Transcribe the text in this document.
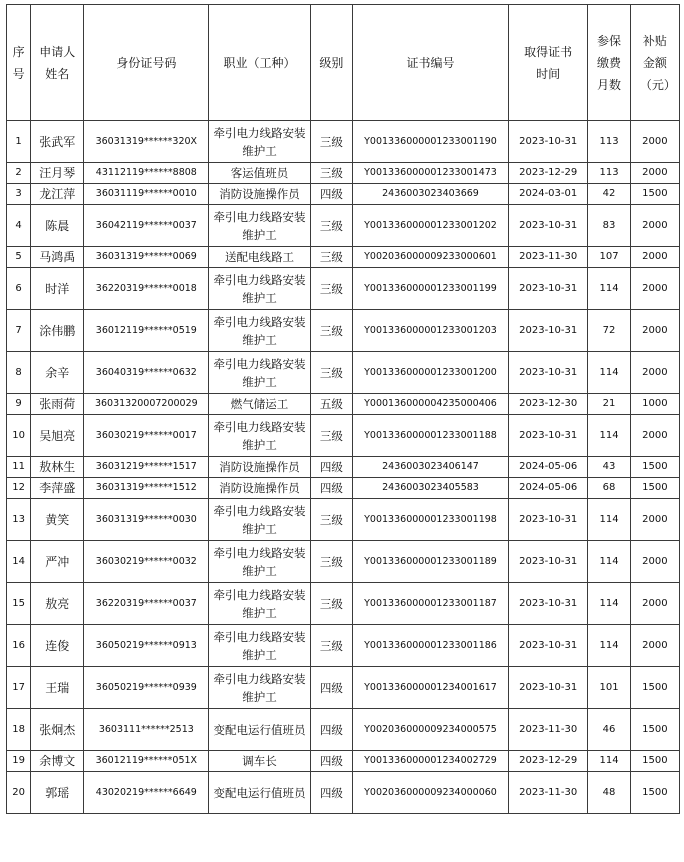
序号	申请人姓名	身份证号码	职业（工种）	级别	证书编号	取得证书时间	参保缴费月数	补贴金额（元）
1	张武军	36031319******320X	牵引电力线路安装维护工	三级	Y00133600000123300119​0	2023-10-31	113	2000
2	汪月琴	43112119******8808	客运值班员	三级	Y00133600000123300147​3	2023-12-29	113	2000
3	龙江萍	36031119******0010	消防设施操作员	四级	2436003023403669	2024-03-01	42	1500
4	陈晨	36042119******0037	牵引电力线路安装维护工	三级	Y00133600000123300120​2	2023-10-31	83	2000
5	马鸿禹	36031319******0069	送配电线路工	三级	Y00203600000923300060​1	2023-11-30	107	2000
6	时洋	36220319******0018	牵引电力线路安装维护工	三级	Y00133600000123300119​9	2023-10-31	114	2000
7	涂伟鹏	36012119******0519	牵引电力线路安装维护工	三级	Y00133600000123300120​3	2023-10-31	72	2000
8	余辛	36040319******0632	牵引电力线路安装维护工	三级	Y00133600000123300120​0	2023-10-31	114	2000
9	张雨荷	36031320007200029	燃气储运工	五级	Y00013600000423500040​6	2023-12-30	21	1000
10	吴旭亮	36030219******0017	牵引电力线路安装维护工	三级	Y00133600000123300118​8	2023-10-31	114	2000
11	敖林生	36031219******1517	消防设施操作员	四级	2436003023406147	2024-05-06	43	1500
12	李萍盛	36031319******1512	消防设施操作员	四级	2436003023405583	2024-05-06	68	1500
13	黄笑	36031319******0030	牵引电力线路安装维护工	三级	Y00133600000123300119​8	2023-10-31	114	2000
14	严冲	36030219******0032	牵引电力线路安装维护工	三级	Y00133600000123300118​9	2023-10-31	114	2000
15	敖亮	36220319******0037	牵引电力线路安装维护工	三级	Y00133600000123300118​7	2023-10-31	114	2000
16	连俊	36050219******0913	牵引电力线路安装维护工	三级	Y00133600000123300118​6	2023-10-31	114	2000
17	王瑞	36050219******0939	牵引电力线路安装维护工	四级	Y00133600000123400161​7	2023-10-31	101	1500
18	张炯杰	3603111******2513	变配电运行值班员	四级	Y00203600000923400057​5	2023-11-30	46	1500
19	余博文	36012119******051X	调车长	四级	Y00133600000123400272​9	2023-12-29	114	1500
20	郭瑶	43020219******6649	变配电运行值班员	四级	Y00203600000923400006​0	2023-11-30	48	1500
